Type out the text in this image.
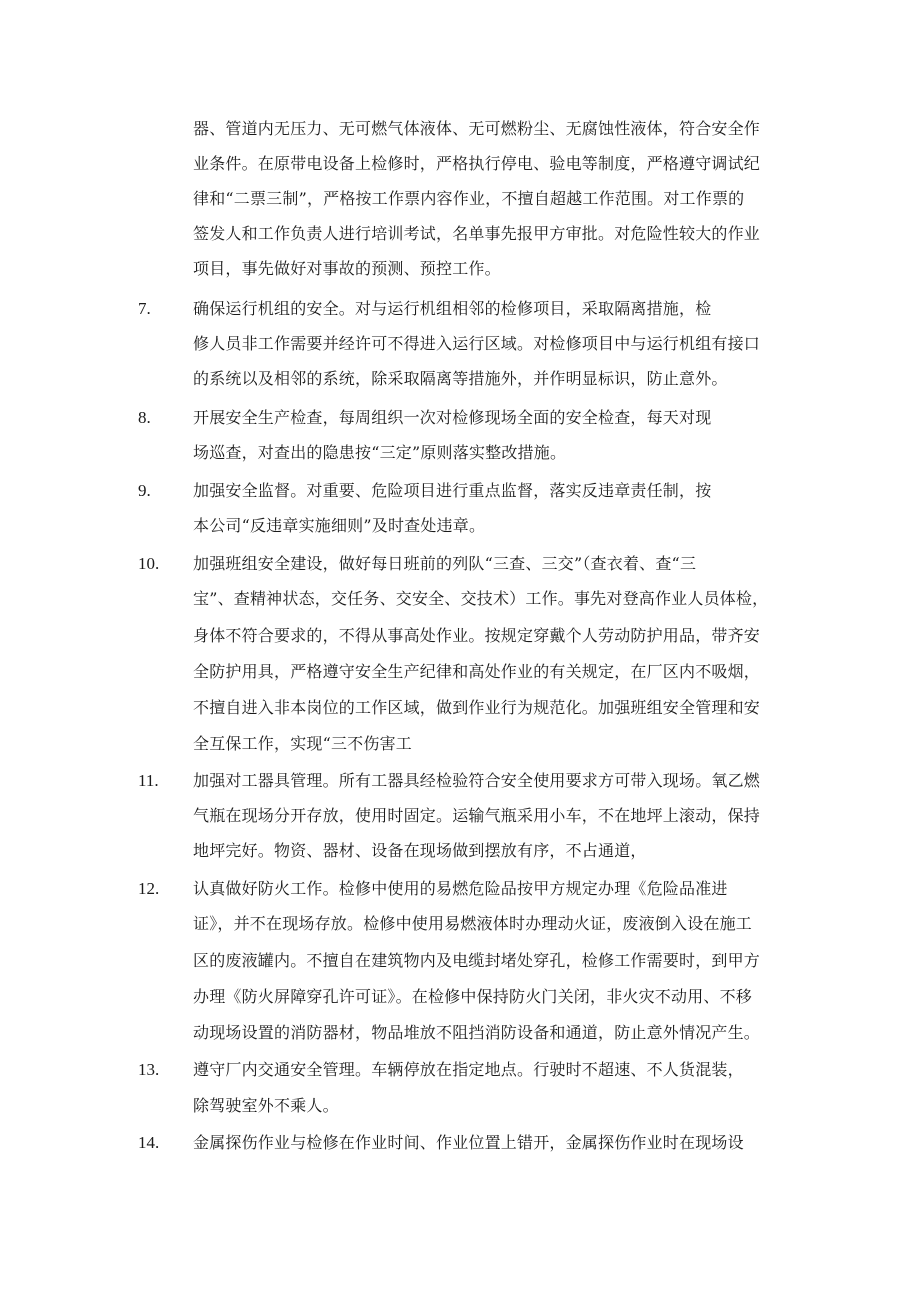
器、管道内无压力、无可燃气体液体、无可燃粉尘、无腐蚀性液体，符合安全作
业条件。在原带电设备上检修时，严格执行停电、验电等制度，严格遵守调试纪
律和“二票三制”，严格按工作票内容作业，不擅自超越工作范围。对工作票的
签发人和工作负责人进行培训考试，名单事先报甲方审批。对危险性较大的作业
项目，事先做好对事故的预测、预控工作。
7.	确保运行机组的安全。对与运行机组相邻的检修项目，采取隔离措施，检
修人员非工作需要并经许可不得进入运行区域。对检修项目中与运行机组有接口
的系统以及相邻的系统，除采取隔离等措施外，并作明显标识，防止意外。
8.	开展安全生产检查，每周组织一次对检修现场全面的安全检查，每天对现
场巡查，对查出的隐患按“三定”原则落实整改措施。
9.	加强安全监督。对重要、危险项目进行重点监督，落实反违章责任制，按
本公司“反违章实施细则”及时查处违章。
10. 加强班组安全建设，做好每日班前的列队“三查、三交”（查衣着、查“三
宝”、查精神状态，交任务、交安全、交技术）工作。事先对登高作业人员体检，
身体不符合要求的，不得从事高处作业。按规定穿戴个人劳动防护用品，带齐安
全防护用具，严格遵守安全生产纪律和高处作业的有关规定，在厂区内不吸烟，
不擅自进入非本岗位的工作区域，做到作业行为规范化。加强班组安全管理和安
全互保工作，实现“三不伤害工
11. 加强对工器具管理。所有工器具经检验符合安全使用要求方可带入现场。氧乙燃
气瓶在现场分开存放，使用时固定。运输气瓶采用小车，不在地坪上滚动，保持
地坪完好。物资、器材、设备在现场做到摆放有序，不占通道，
12. 认真做好防火工作。检修中使用的易燃危险品按甲方规定办理《危险品准进
证》，并不在现场存放。检修中使用易燃液体时办理动火证，废液倒入设在施工
区的废液罐内。不擅自在建筑物内及电缆封堵处穿孔，检修工作需要时，到甲方
办理《防火屏障穿孔许可证》。在检修中保持防火门关闭，非火灾不动用、不移
动现场设置的消防器材，物品堆放不阻挡消防设备和通道，防止意外情况产生。
13. 遵守厂内交通安全管理。车辆停放在指定地点。行驶时不超速、不人货混装，
除驾驶室外不乘人。
14. 金属探伤作业与检修在作业时间、作业位置上错开，金属探伤作业时在现场设
